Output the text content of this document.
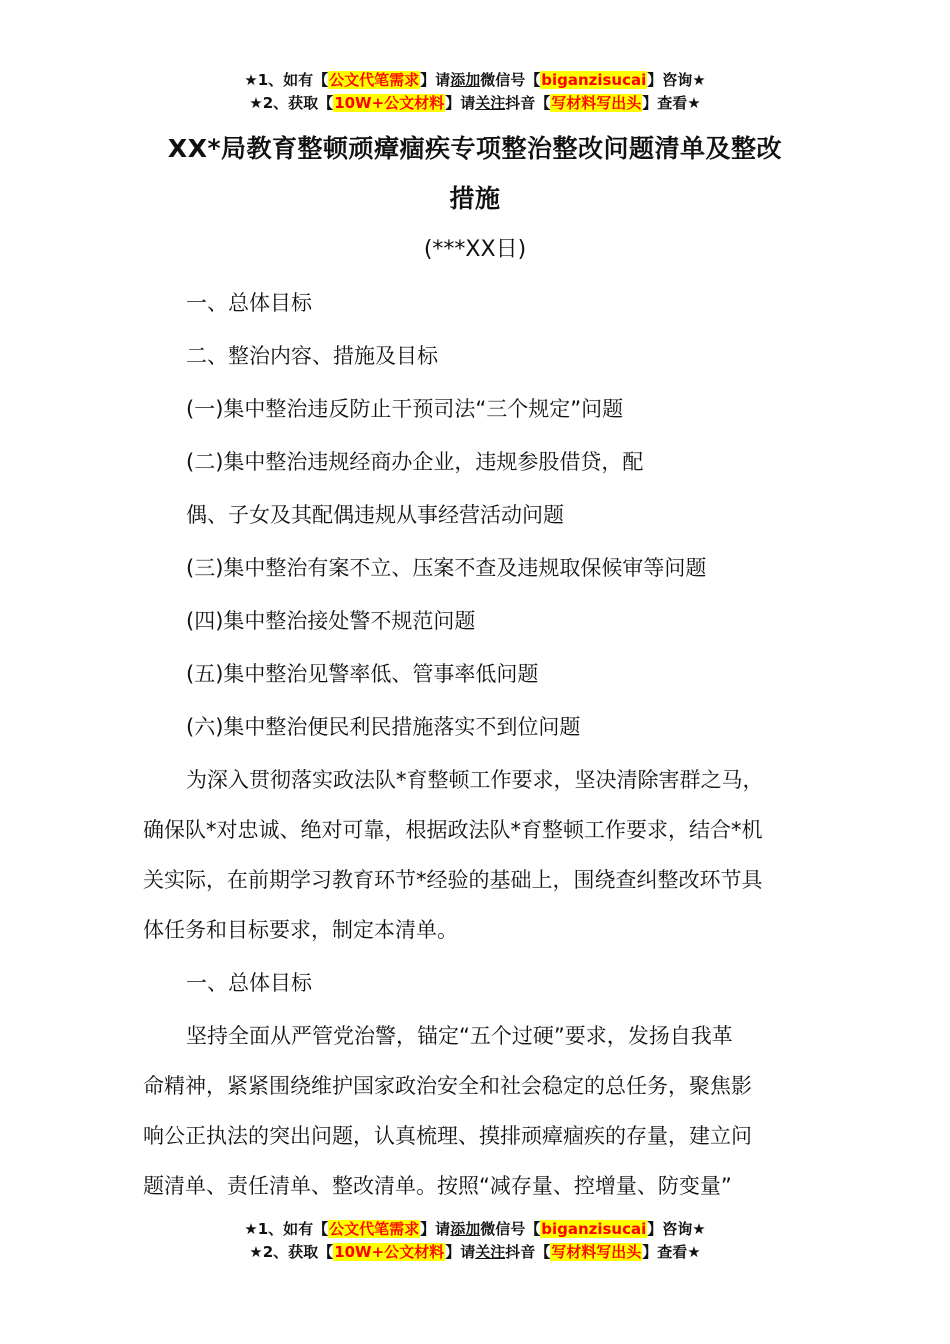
★1、如有【公文代笔需求】请添加微信号【biganzisucai】咨询★
★2、获取【10W+公文材料】请关注抖音【写材料写出头】查看★
XX*局教育整顿顽瘴痼疾专项整治整改问题清单及整改
措施
(***XX日)
一、总体目标
二、整治内容、措施及目标
(一)集中整治违反防止干预司法“三个规定”问题
(二)集中整治违规经商办企业，违规参股借贷，配
偶、子女及其配偶违规从事经营活动问题
(三)集中整治有案不立、压案不查及违规取保候审等问题
(四)集中整治接处警不规范问题
(五)集中整治见警率低、管事率低问题
(六)集中整治便民利民措施落实不到位问题
为深入贯彻落实政法队*育整顿工作要求，坚决清除害群之马，
确保队*对忠诚、绝对可靠，根据政法队*育整顿工作要求，结合*机
关实际，在前期学习教育环节*经验的基础上，围绕查纠整改环节具
体任务和目标要求，制定本清单。
一、总体目标
坚持全面从严管党治警，锚定“五个过硬”要求，发扬自我革
命精神，紧紧围绕维护国家政治安全和社会稳定的总任务，聚焦影
响公正执法的突出问题，认真梳理、摸排顽瘴痼疾的存量，建立问
题清单、责任清单、整改清单。按照“减存量、控增量、防变量”
★1、如有【公文代笔需求】请添加微信号【biganzisucai】咨询★
★2、获取【10W+公文材料】请关注抖音【写材料写出头】查看★
